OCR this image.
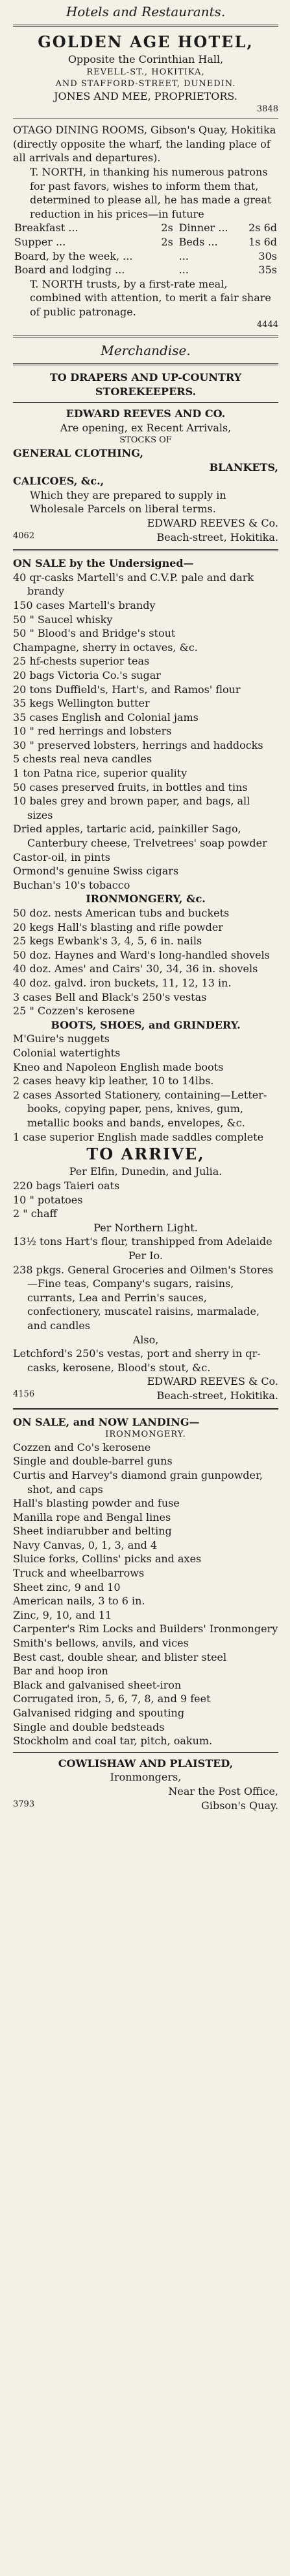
Hotels and Restaurants.
GOLDEN AGE HOTEL,
Opposite the Corinthian Hall,
REVELL-ST., HOKITIKA,
AND STAFFORD-STREET, DUNEDIN.
JONES AND MEE, PROPRIETORS.
3848
OTAGO DINING ROOMS, Gibson's Quay, Hokitika (directly opposite the wharf, the landing place of all arrivals and departures).
T. NORTH, in thanking his numerous patrons for past favors, wishes to inform them that, determined to please all, he has made a great reduction in his prices—in future
Breakfast ...	2s	Dinner ...	2s 6d
Supper ...	2s	Beds ...	1s 6d
Board, by the week, ...		...	30s
Board and lodging ...		...	35s
T. NORTH trusts, by a first-rate meal, combined with attention, to merit a fair share of public patronage.
4444
Merchandise.
TO DRAPERS AND UP-COUNTRY STOREKEEPERS.
EDWARD REEVES AND CO.
Are opening, ex Recent Arrivals,
STOCKS OF
GENERAL CLOTHING,
BLANKETS,
CALICOES, &c.,
Which they are prepared to supply in Wholesale Parcels on liberal terms.
EDWARD REEVES & Co.
4062	Beach-street, Hokitika.
ON SALE by the Undersigned—
40 qr-casks Martell's and C.V.P. pale and dark brandy
150 cases Martell's brandy
50 " Saucel whisky
50 " Blood's and Bridge's stout
Champagne, sherry in octaves, &c.
25 hf-chests superior teas
20 bags Victoria Co.'s sugar
20 tons Duffield's, Hart's, and Ramos' flour
35 kegs Wellington butter
35 cases English and Colonial jams
10 " red herrings and lobsters
30 " preserved lobsters, herrings and haddocks
5 chests real neva candles
1 ton Patna rice, superior quality
50 cases preserved fruits, in bottles and tins
10 bales grey and brown paper, and bags, all sizes
Dried apples, tartaric acid, painkiller Sago, Canterbury cheese, Trelvetrees' soap powder
Castor-oil, in pints
Ormond's genuine Swiss cigars
Buchan's 10's tobacco
IRONMONGERY, &c.
50 doz. nests American tubs and buckets
20 kegs Hall's blasting and rifle powder
25 kegs Ewbank's 3, 4, 5, 6 in. nails
50 doz. Haynes and Ward's long-handled shovels
40 doz. Ames' and Cairs' 30, 34, 36 in. shovels
40 doz. galvd. iron buckets, 11, 12, 13 in.
3 cases Bell and Black's 250's vestas
25 " Cozzen's kerosene
BOOTS, SHOES, and GRINDERY.
M'Guire's nuggets
Colonial watertights
Kneo and Napoleon English made boots
2 cases heavy kip leather, 10 to 14lbs.
2 cases Assorted Stationery, containing—Letter-books, copying paper, pens, knives, gum, metallic books and bands, envelopes, &c.
1 case superior English made saddles complete
TO ARRIVE,
Per Elfin, Dunedin, and Julia.
220 bags Taieri oats
10 " potatoes
2 " chaff
Per Northern Light.
13½ tons Hart's flour, transhipped from Adelaide
Per Io.
238 pkgs. General Groceries and Oilmen's Stores—Fine teas, Company's sugars, raisins, currants, Lea and Perrin's sauces, confectionery, muscatel raisins, marmalade, and candles
Also,
Letchford's 250's vestas, port and sherry in qr-casks, kerosene, Blood's stout, &c.
EDWARD REEVES & Co.
4156	Beach-street, Hokitika.
ON SALE, and NOW LANDING—
IRONMONGERY.
Cozzen and Co's kerosene
Single and double-barrel guns
Curtis and Harvey's diamond grain gunpowder, shot, and caps
Hall's blasting powder and fuse
Manilla rope and Bengal lines
Sheet indiarubber and belting
Navy Canvas, 0, 1, 3, and 4
Sluice forks, Collins' picks and axes
Truck and wheelbarrows
Sheet zinc, 9 and 10
American nails, 3 to 6 in.
Zinc, 9, 10, and 11
Carpenter's Rim Locks and Builders' Ironmongery
Smith's bellows, anvils, and vices
Best cast, double shear, and blister steel
Bar and hoop iron
Black and galvanised sheet-iron
Corrugated iron, 5, 6, 7, 8, and 9 feet
Galvanised ridging and spouting
Single and double bedsteads
Stockholm and coal tar, pitch, oakum.
COWLISHAW AND PLAISTED,
Ironmongers,
Near the Post Office,
3793	Gibson's Quay.
